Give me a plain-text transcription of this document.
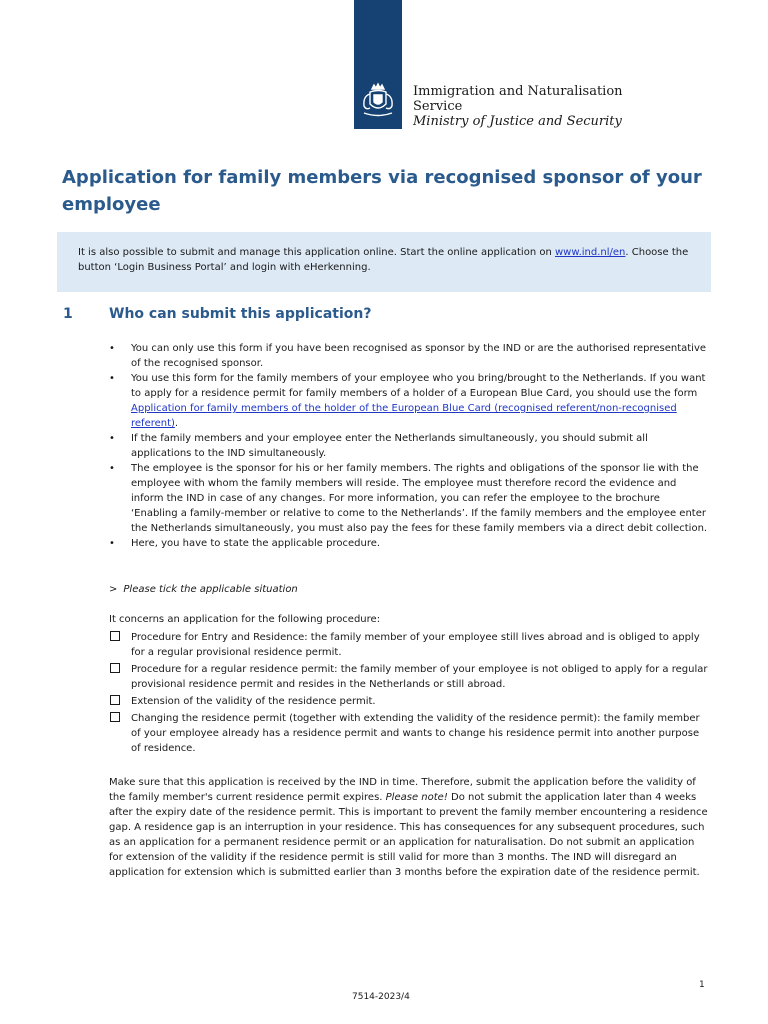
Immigration and Naturalisation
Service
Ministry of Justice and Security
Application for family members via recognised sponsor of your employee
It is also possible to submit and manage this application online. Start the online application on www.ind.nl/en. Choose the button ‘Login Business Portal’ and login with eHerkenning.
1	Who can submit this application?
• You can only use this form if you have been recognised as sponsor by the IND or are the authorised representative of the recognised sponsor.
• You use this form for the family members of your employee who you bring/brought to the Netherlands. If you want to apply for a residence permit for family members of a holder of a European Blue Card, you should use the form Application for family members of the holder of the European Blue Card (recognised referent/non-recognised referent).
• If the family members and your employee enter the Netherlands simultaneously, you should submit all applications to the IND simultaneously.
• The employee is the sponsor for his or her family members. The rights and obligations of the sponsor lie with the employee with whom the family members will reside. The employee must therefore record the evidence and inform the IND in case of any changes. For more information, you can refer the employee to the brochure ‘Enabling a family-member or relative to come to the Netherlands’. If the family members and the employee enter the Netherlands simultaneously, you must also pay the fees for these family members via a direct debit collection.
• Here, you have to state the applicable procedure.
> Please tick the applicable situation
It concerns an application for the following procedure:
Procedure for Entry and Residence: the family member of your employee still lives abroad and is obliged to apply for a regular provisional residence permit.
Procedure for a regular residence permit: the family member of your employee is not obliged to apply for a regular provisional residence permit and resides in the Netherlands or still abroad.
Extension of the validity of the residence permit.
Changing the residence permit (together with extending the validity of the residence permit): the family member of your employee already has a residence permit and wants to change his residence permit into another purpose of residence.

Make sure that this application is received by the IND in time. Therefore, submit the application before the validity of the family member's current residence permit expires. Please note! Do not submit the application later than 4 weeks after the expiry date of the residence permit. This is important to prevent the family member encountering a residence gap. A residence gap is an interruption in your residence. This has consequences for any subsequent procedures, such as an application for a permanent residence permit or an application for naturalisation. Do not submit an application for extension of the validity if the residence permit is still valid for more than 3 months. The IND will disregard an application for extension which is submitted earlier than 3 months before the expiration date of the residence permit.

1
7514-2023/4
